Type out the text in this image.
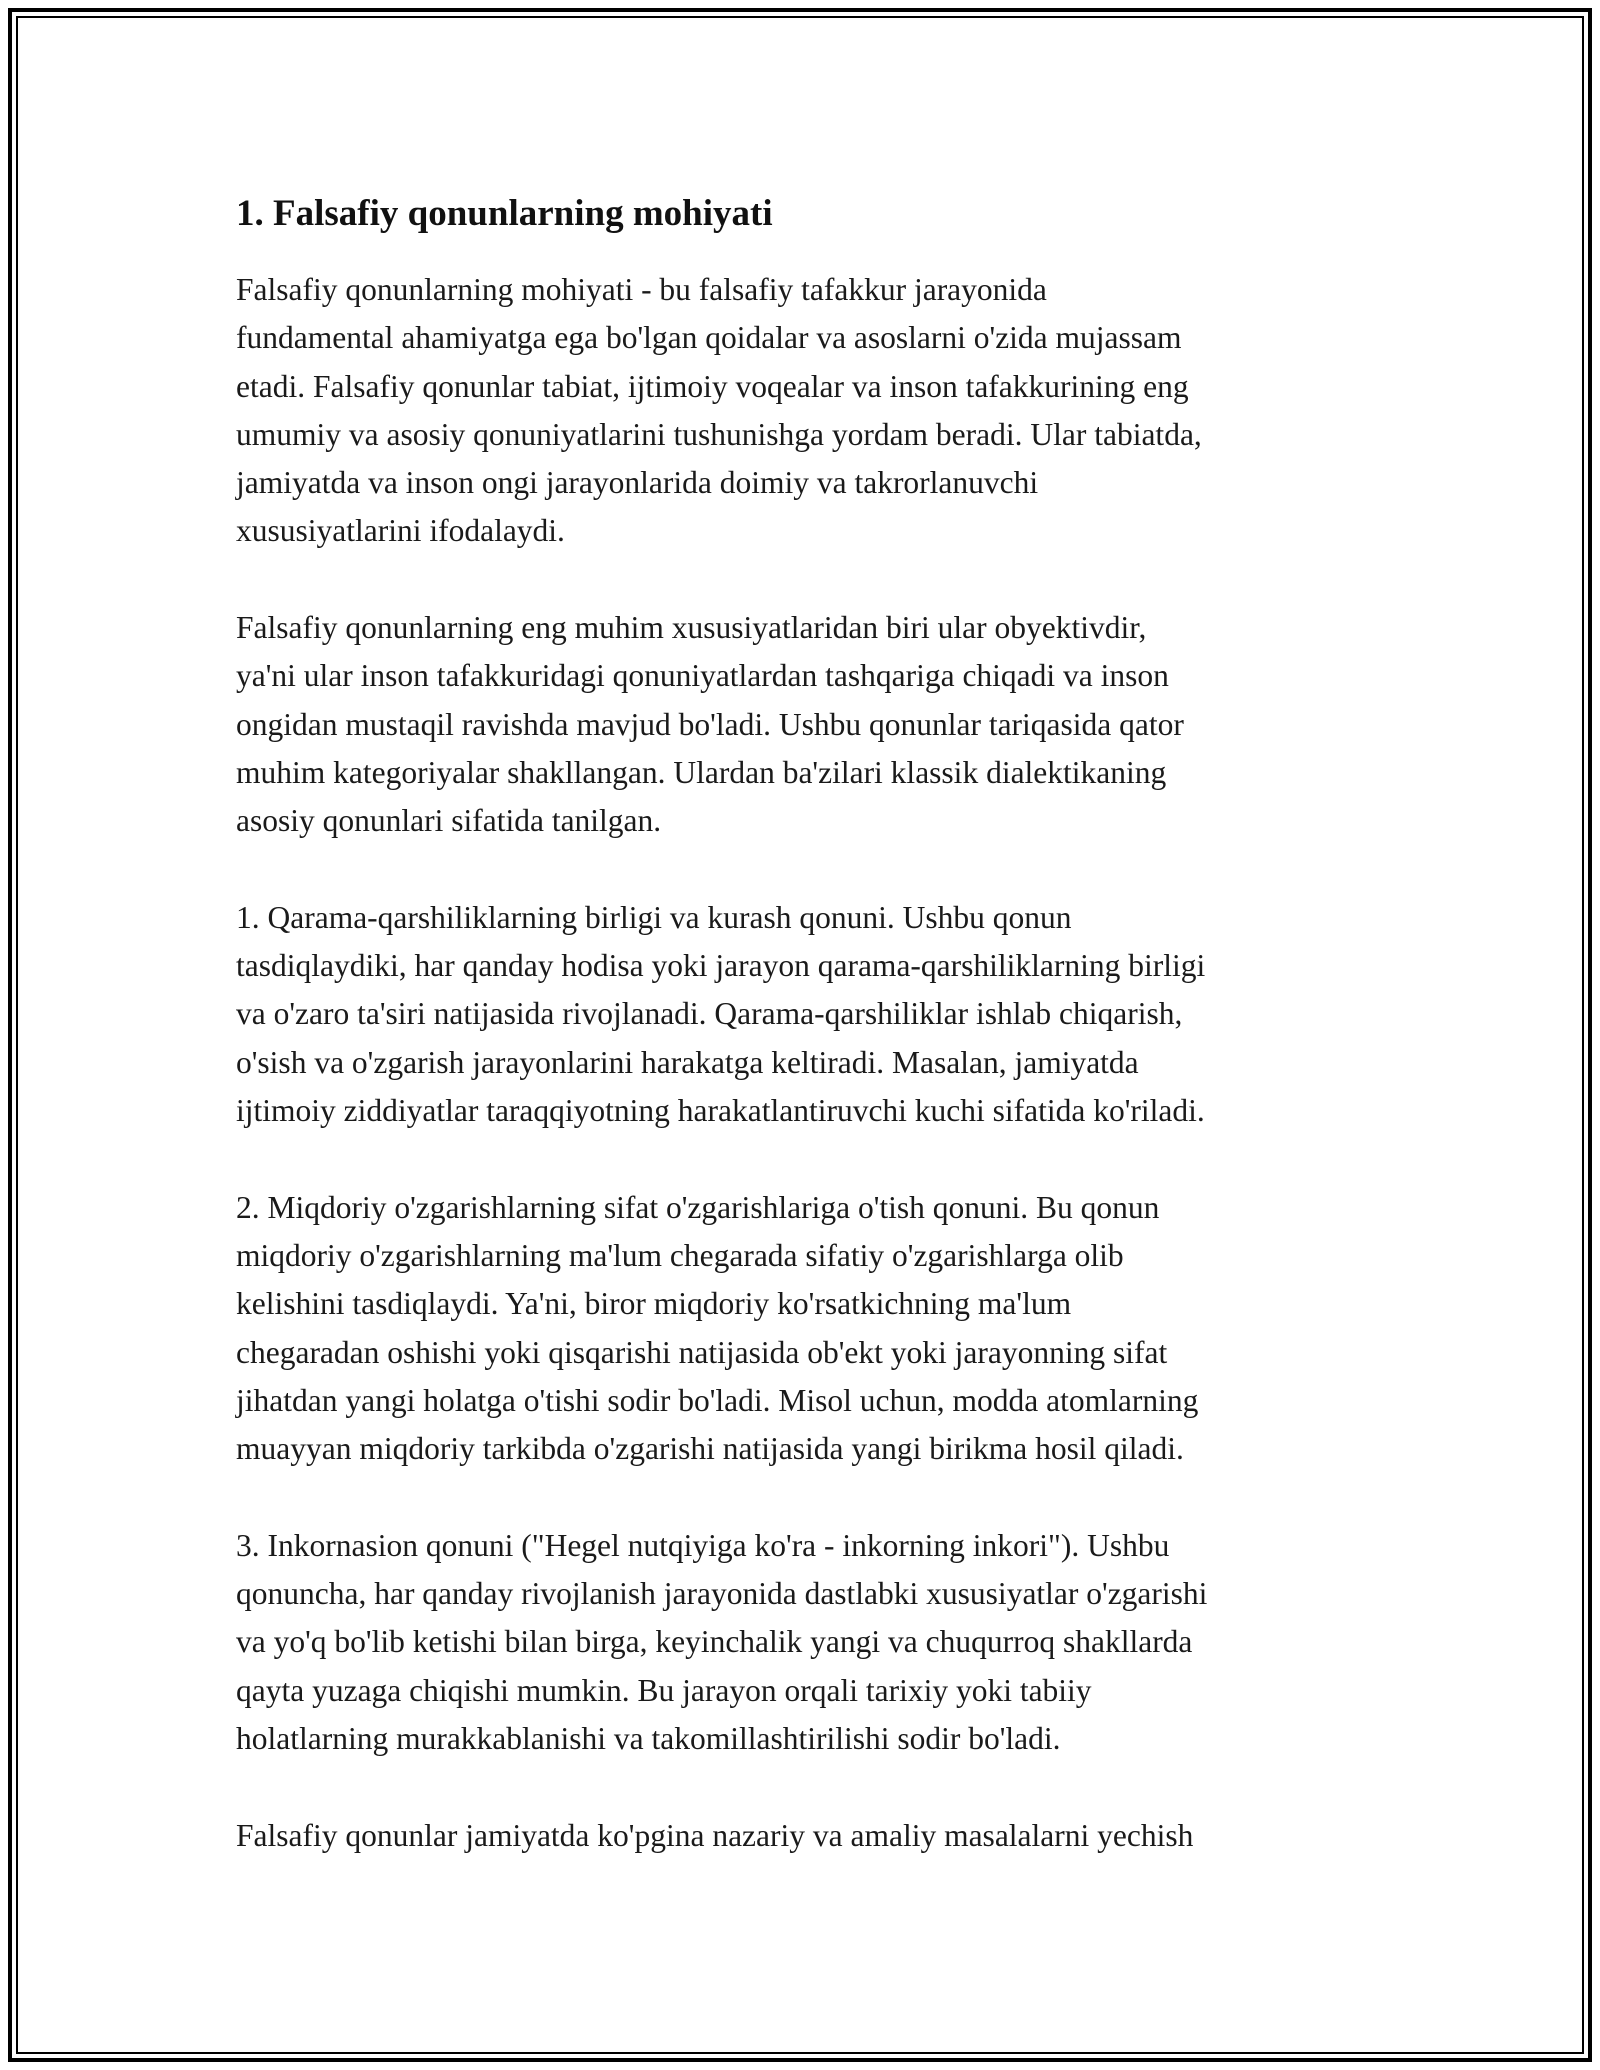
1. Falsafiy qonunlarning mohiyati

Falsafiy qonunlarning mohiyati - bu falsafiy tafakkur jarayonida
fundamental ahamiyatga ega bo'lgan qoidalar va asoslarni o'zida mujassam
etadi. Falsafiy qonunlar tabiat, ijtimoiy voqealar va inson tafakkurining eng
umumiy va asosiy qonuniyatlarini tushunishga yordam beradi. Ular tabiatda,
jamiyatda va inson ongi jarayonlarida doimiy va takrorlanuvchi
xususiyatlarini ifodalaydi.

Falsafiy qonunlarning eng muhim xususiyatlaridan biri ular obyektivdir,
ya'ni ular inson tafakkuridagi qonuniyatlardan tashqariga chiqadi va inson
ongidan mustaqil ravishda mavjud bo'ladi. Ushbu qonunlar tariqasida qator
muhim kategoriyalar shakllangan. Ulardan ba'zilari klassik dialektikaning
asosiy qonunlari sifatida tanilgan.

1. Qarama-qarshiliklarning birligi va kurash qonuni. Ushbu qonun
tasdiqlaydiki, har qanday hodisa yoki jarayon qarama-qarshiliklarning birligi
va o'zaro ta'siri natijasida rivojlanadi. Qarama-qarshiliklar ishlab chiqarish,
o'sish va o'zgarish jarayonlarini harakatga keltiradi. Masalan, jamiyatda
ijtimoiy ziddiyatlar taraqqiyotning harakatlantiruvchi kuchi sifatida ko'riladi.

2. Miqdoriy o'zgarishlarning sifat o'zgarishlariga o'tish qonuni. Bu qonun
miqdoriy o'zgarishlarning ma'lum chegarada sifatiy o'zgarishlarga olib
kelishini tasdiqlaydi. Ya'ni, biror miqdoriy ko'rsatkichning ma'lum
chegaradan oshishi yoki qisqarishi natijasida ob'ekt yoki jarayonning sifat
jihatdan yangi holatga o'tishi sodir bo'ladi. Misol uchun, modda atomlarning
muayyan miqdoriy tarkibda o'zgarishi natijasida yangi birikma hosil qiladi.

3. Inkornasion qonuni ("Hegel nutqiyiga ko'ra - inkorning inkori"). Ushbu
qonuncha, har qanday rivojlanish jarayonida dastlabki xususiyatlar o'zgarishi
va yo'q bo'lib ketishi bilan birga, keyinchalik yangi va chuqurroq shakllarda
qayta yuzaga chiqishi mumkin. Bu jarayon orqali tarixiy yoki tabiiy
holatlarning murakkablanishi va takomillashtirilishi sodir bo'ladi.

Falsafiy qonunlar jamiyatda ko'pgina nazariy va amaliy masalalarni yechish
